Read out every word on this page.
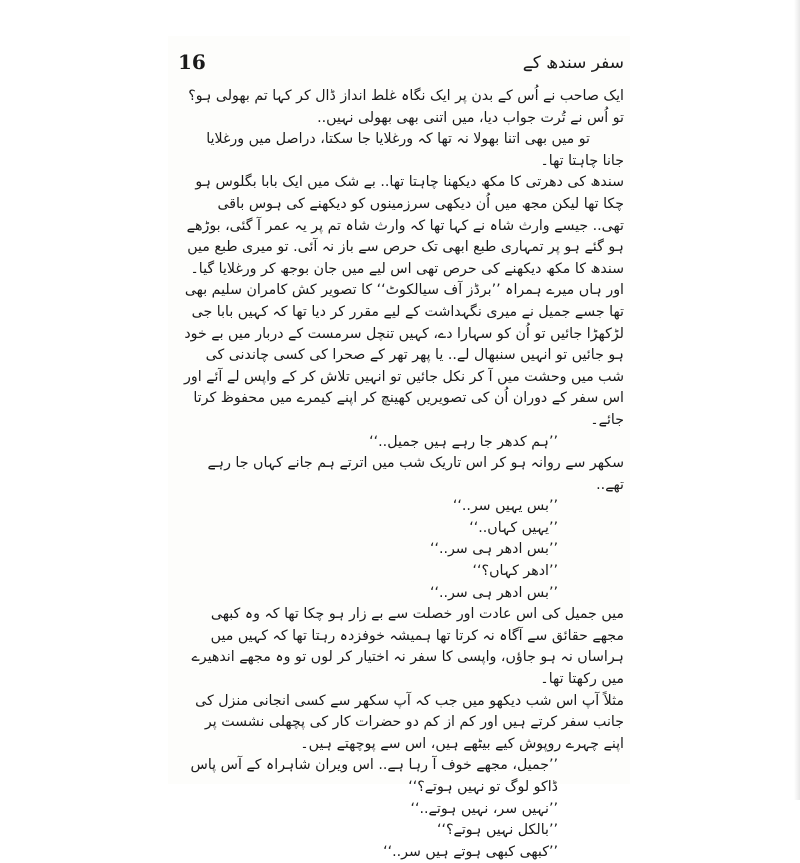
16	سفر سندھ کے

ایک صاحب نے اُس کے بدن پر ایک نگاہ غلط انداز ڈال کر کہا تم بھولی ہو؟ تو اُس نے تُرت جواب دیا، میں اتنی بھی بھولی نہیں..

تو میں بھی اتنا بھولا نہ تھا کہ ورغلایا جا سکتا، دراصل میں ورغلایا جانا چاہتا تھا۔

سندھ کی دھرتی کا مکھ دیکھنا چاہتا تھا.. بے شک میں ایک بابا بگلوس ہو چکا تھا لیکن مجھ میں اُن دیکھی سرزمینوں کو دیکھنے کی ہوس باقی تھی.. جیسے وارث شاہ نے کہا تھا کہ وارث شاہ تم پر یہ عمر آ گئی، بوڑھے ہو گئے ہو پر تمہاری طبع ابھی تک حرص سے باز نہ آئی. تو میری طبع میں سندھ کا مکھ دیکھنے کی حرص تھی اس لیے میں جان بوجھ کر ورغلایا گیا۔

اور ہاں میرے ہمراہ ’’برڈز آف سیالکوٹ‘‘ کا تصویر کش کامران سلیم بھی تھا جسے جمیل نے میری نگہداشت کے لیے مقرر کر دیا تھا کہ کہیں بابا جی لڑکھڑا جائیں تو اُن کو سہارا دے، کہیں تنچل سرمست کے دربار میں بے خود ہو جائیں تو انہیں سنبھال لے.. یا پھر تھر کے صحرا کی کسی چاندنی کی شب میں وحشت میں آ کر نکل جائیں تو انہیں تلاش کر کے واپس لے آئے اور اس سفر کے دوران اُن کی تصویریں کھینچ کر اپنے کیمرے میں محفوظ کرتا جائے۔

’’ہم کدھر جا رہے ہیں جمیل..‘‘

سکھر سے روانہ ہو کر اس تاریک شب میں اترتے ہم جانے کہاں جا رہے تھے..

’’بس یہیں سر..‘‘

’’یہیں کہاں..‘‘

’’بس ادھر ہی سر..‘‘

’’ادھر کہاں؟‘‘

’’بس ادھر ہی سر..‘‘

میں جمیل کی اس عادت اور خصلت سے بے زار ہو چکا تھا کہ وہ کبھی مجھے حقائق سے آگاہ نہ کرتا تھا ہمیشہ خوفزدہ رہتا تھا کہ کہیں میں ہراساں نہ ہو جاؤں، واپسی کا سفر نہ اختیار کر لوں تو وہ مجھے اندھیرے میں رکھتا تھا۔

مثلاً آپ اس شب دیکھو میں جب کہ آپ سکھر سے کسی انجانی منزل کی جانب سفر کرتے ہیں اور کم از کم دو حضرات کار کی پچھلی نشست پر اپنے چہرے روپوش کیے بیٹھے ہیں، اس سے پوچھتے ہیں۔

’’جمیل، مجھے خوف آ رہا ہے.. اس ویران شاہراہ کے آس پاس ڈاکو لوگ تو نہیں ہوتے؟‘‘

’’نہیں سر، نہیں ہوتے..‘‘

’’بالکل نہیں ہوتے؟‘‘

’’کبھی کبھی ہوتے ہیں سر..‘‘
